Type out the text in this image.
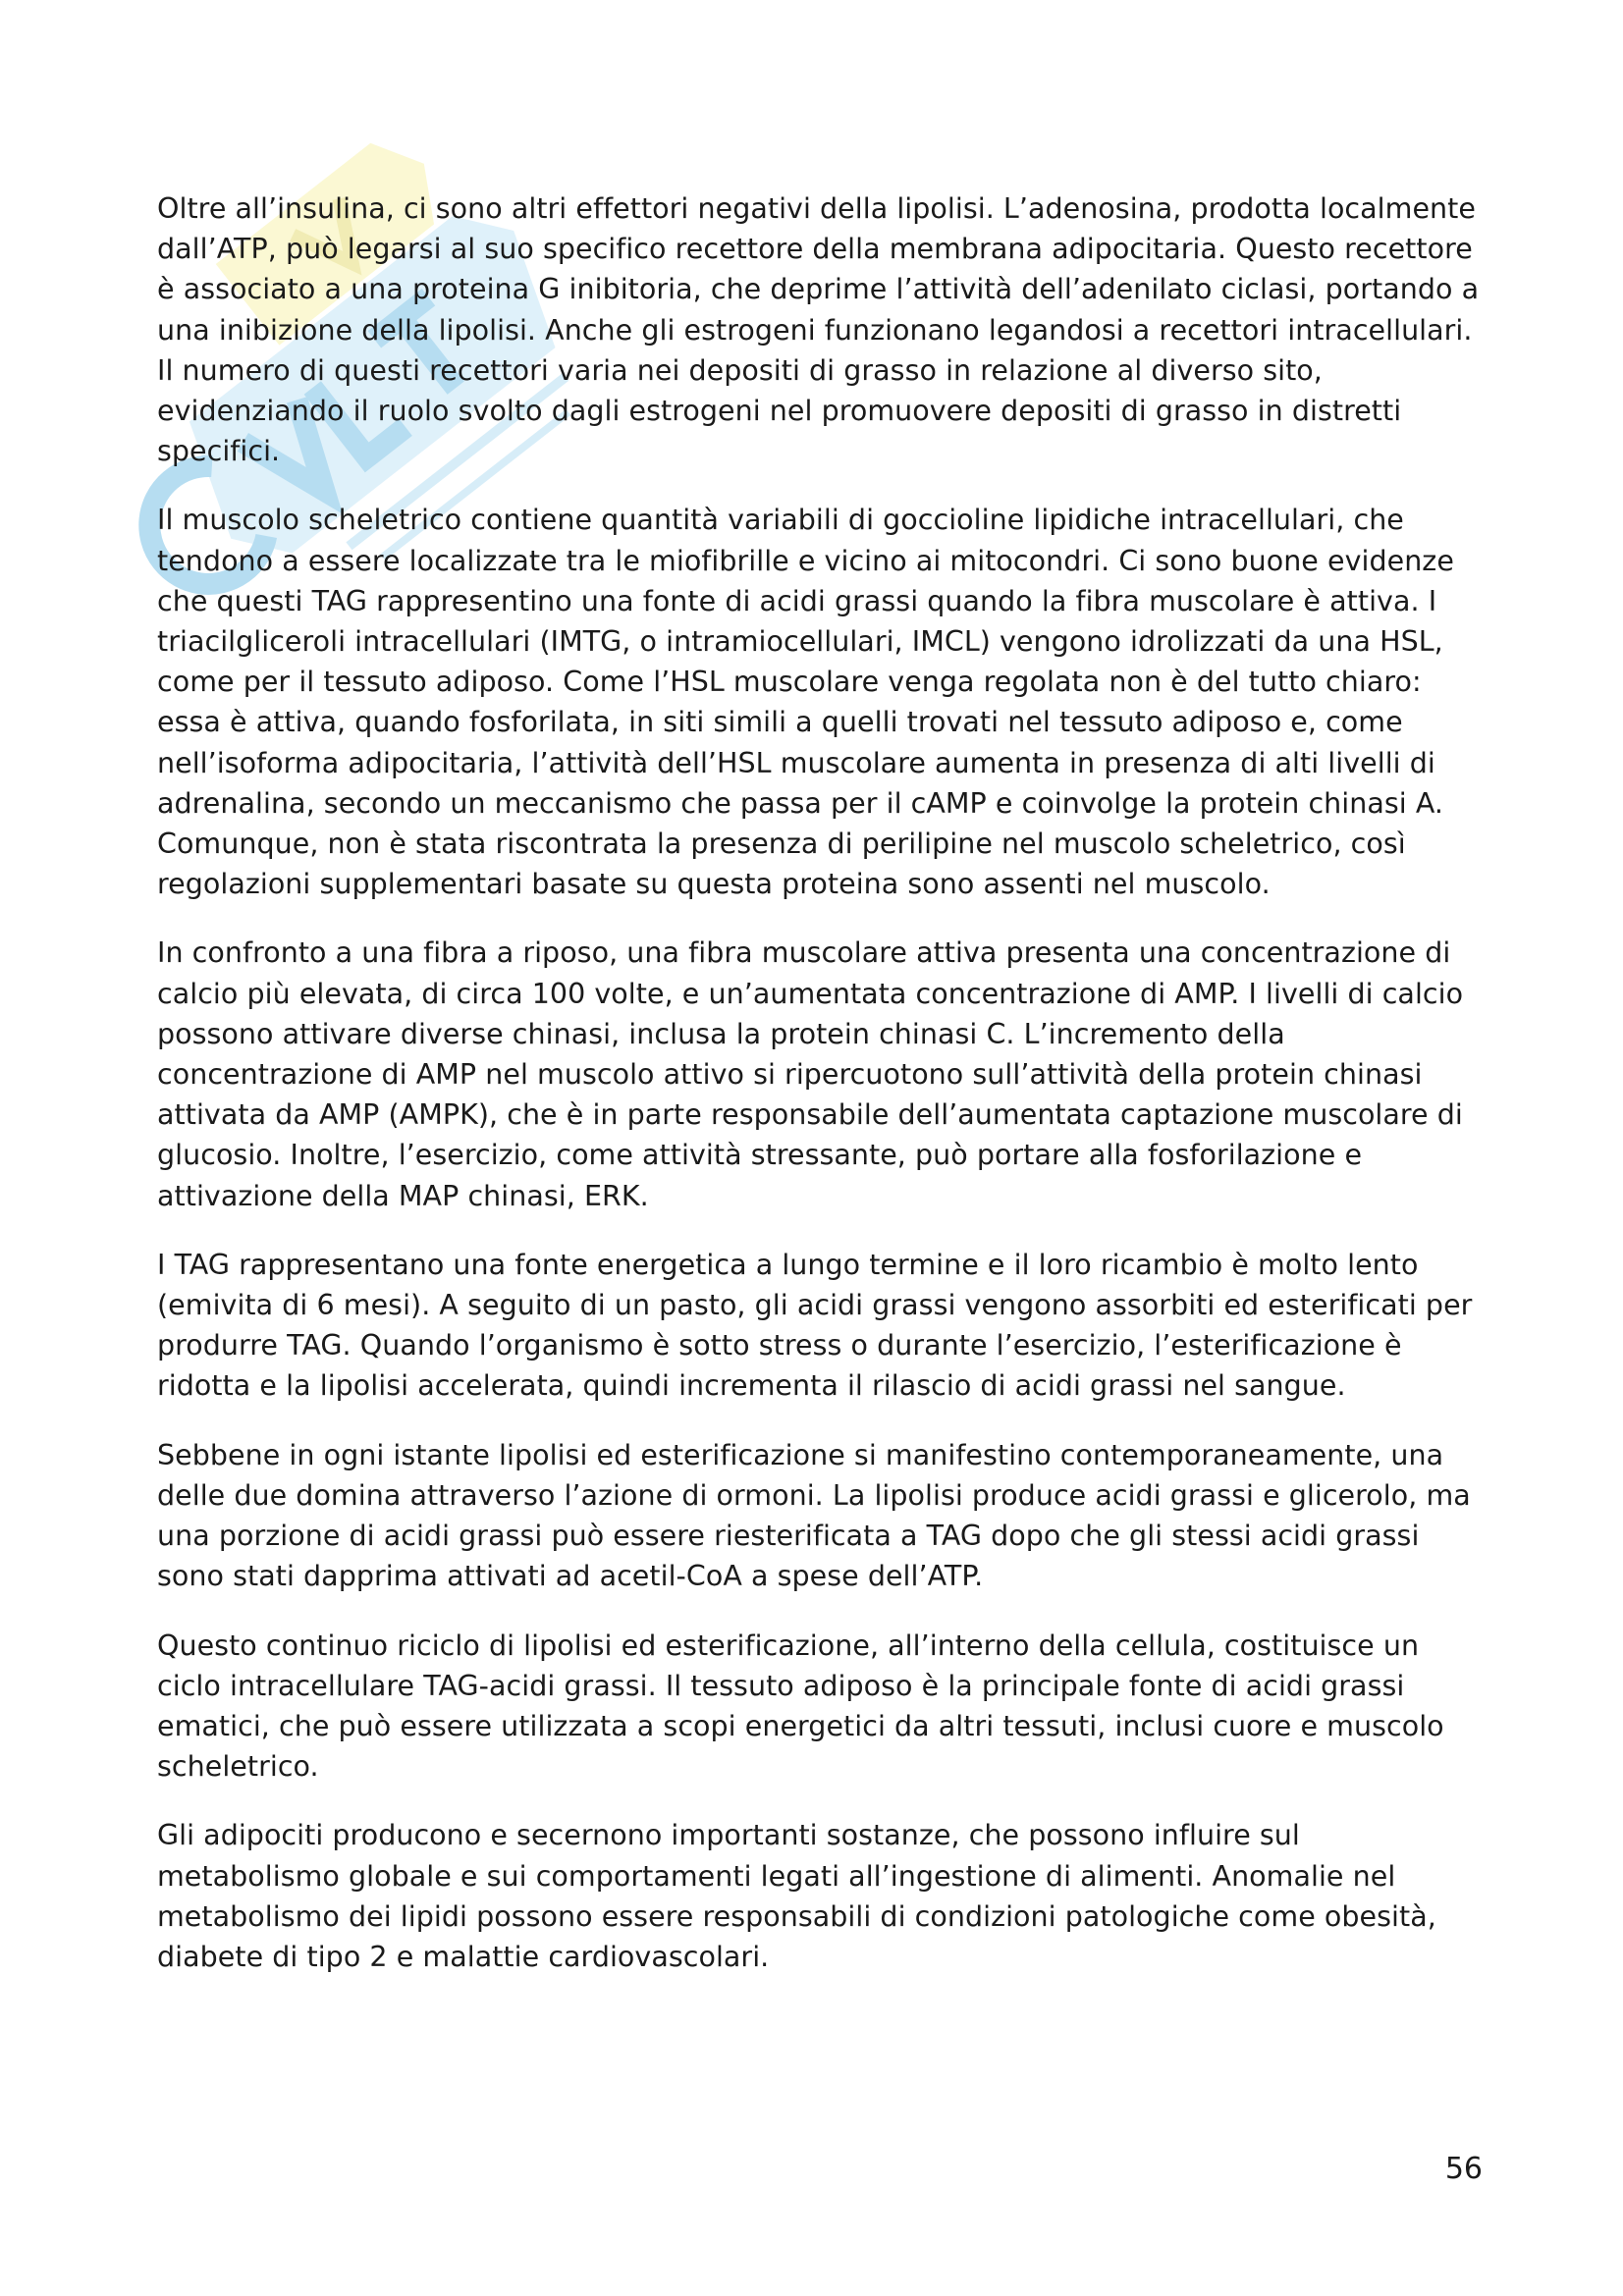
Oltre all’insulina, ci sono altri effettori negativi della lipolisi. L’adenosina, prodotta localmente dall’ATP, può legarsi al suo specifico recettore della membrana adipocitaria. Questo recettore è associato a una proteina G inibitoria, che deprime l’attività dell’adenilato ciclasi, portando a una inibizione della lipolisi. Anche gli estrogeni funzionano legandosi a recettori intracellulari. Il numero di questi recettori varia nei depositi di grasso in relazione al diverso sito, evidenziando il ruolo svolto dagli estrogeni nel promuovere depositi di grasso in distretti specifici.

Il muscolo scheletrico contiene quantità variabili di goccioline lipidiche intracellulari, che tendono a essere localizzate tra le miofibrille e vicino ai mitocondri. Ci sono buone evidenze che questi TAG rappresentino una fonte di acidi grassi quando la fibra muscolare è attiva. I triacilgliceroli intracellulari (IMTG, o intramiocellulari, IMCL) vengono idrolizzati da una HSL, come per il tessuto adiposo. Come l’HSL muscolare venga regolata non è del tutto chiaro: essa è attiva, quando fosforilata, in siti simili a quelli trovati nel tessuto adiposo e, come nell’isoforma adipocitaria, l’attività dell’HSL muscolare aumenta in presenza di alti livelli di adrenalina, secondo un meccanismo che passa per il cAMP e coinvolge la protein chinasi A. Comunque, non è stata riscontrata la presenza di perilipine nel muscolo scheletrico, così regolazioni supplementari basate su questa proteina sono assenti nel muscolo.

In confronto a una fibra a riposo, una fibra muscolare attiva presenta una concentrazione di calcio più elevata, di circa 100 volte, e un’aumentata concentrazione di AMP. I livelli di calcio possono attivare diverse chinasi, inclusa la protein chinasi C. L’incremento della concentrazione di AMP nel muscolo attivo si ripercuotono sull’attività della protein chinasi attivata da AMP (AMPK), che è in parte responsabile dell’aumentata captazione muscolare di glucosio. Inoltre, l’esercizio, come attività stressante, può portare alla fosforilazione e attivazione della MAP chinasi, ERK.

I TAG rappresentano una fonte energetica a lungo termine e il loro ricambio è molto lento (emivita di 6 mesi). A seguito di un pasto, gli acidi grassi vengono assorbiti ed esterificati per produrre TAG. Quando l’organismo è sotto stress o durante l’esercizio, l’esterificazione è ridotta e la lipolisi accelerata, quindi incrementa il rilascio di acidi grassi nel sangue.

Sebbene in ogni istante lipolisi ed esterificazione si manifestino contemporaneamente, una delle due domina attraverso l’azione di ormoni. La lipolisi produce acidi grassi e glicerolo, ma una porzione di acidi grassi può essere riesterificata a TAG dopo che gli stessi acidi grassi sono stati dapprima attivati ad acetil-CoA a spese dell’ATP.

Questo continuo riciclo di lipolisi ed esterificazione, all’interno della cellula, costituisce un ciclo intracellulare TAG-acidi grassi. Il tessuto adiposo è la principale fonte di acidi grassi ematici, che può essere utilizzata a scopi energetici da altri tessuti, inclusi cuore e muscolo scheletrico.

Gli adipociti producono e secernono importanti sostanze, che possono influire sul metabolismo globale e sui comportamenti legati all’ingestione di alimenti. Anomalie nel metabolismo dei lipidi possono essere responsabili di condizioni patologiche come obesità, diabete di tipo 2 e malattie cardiovascolari.

56
